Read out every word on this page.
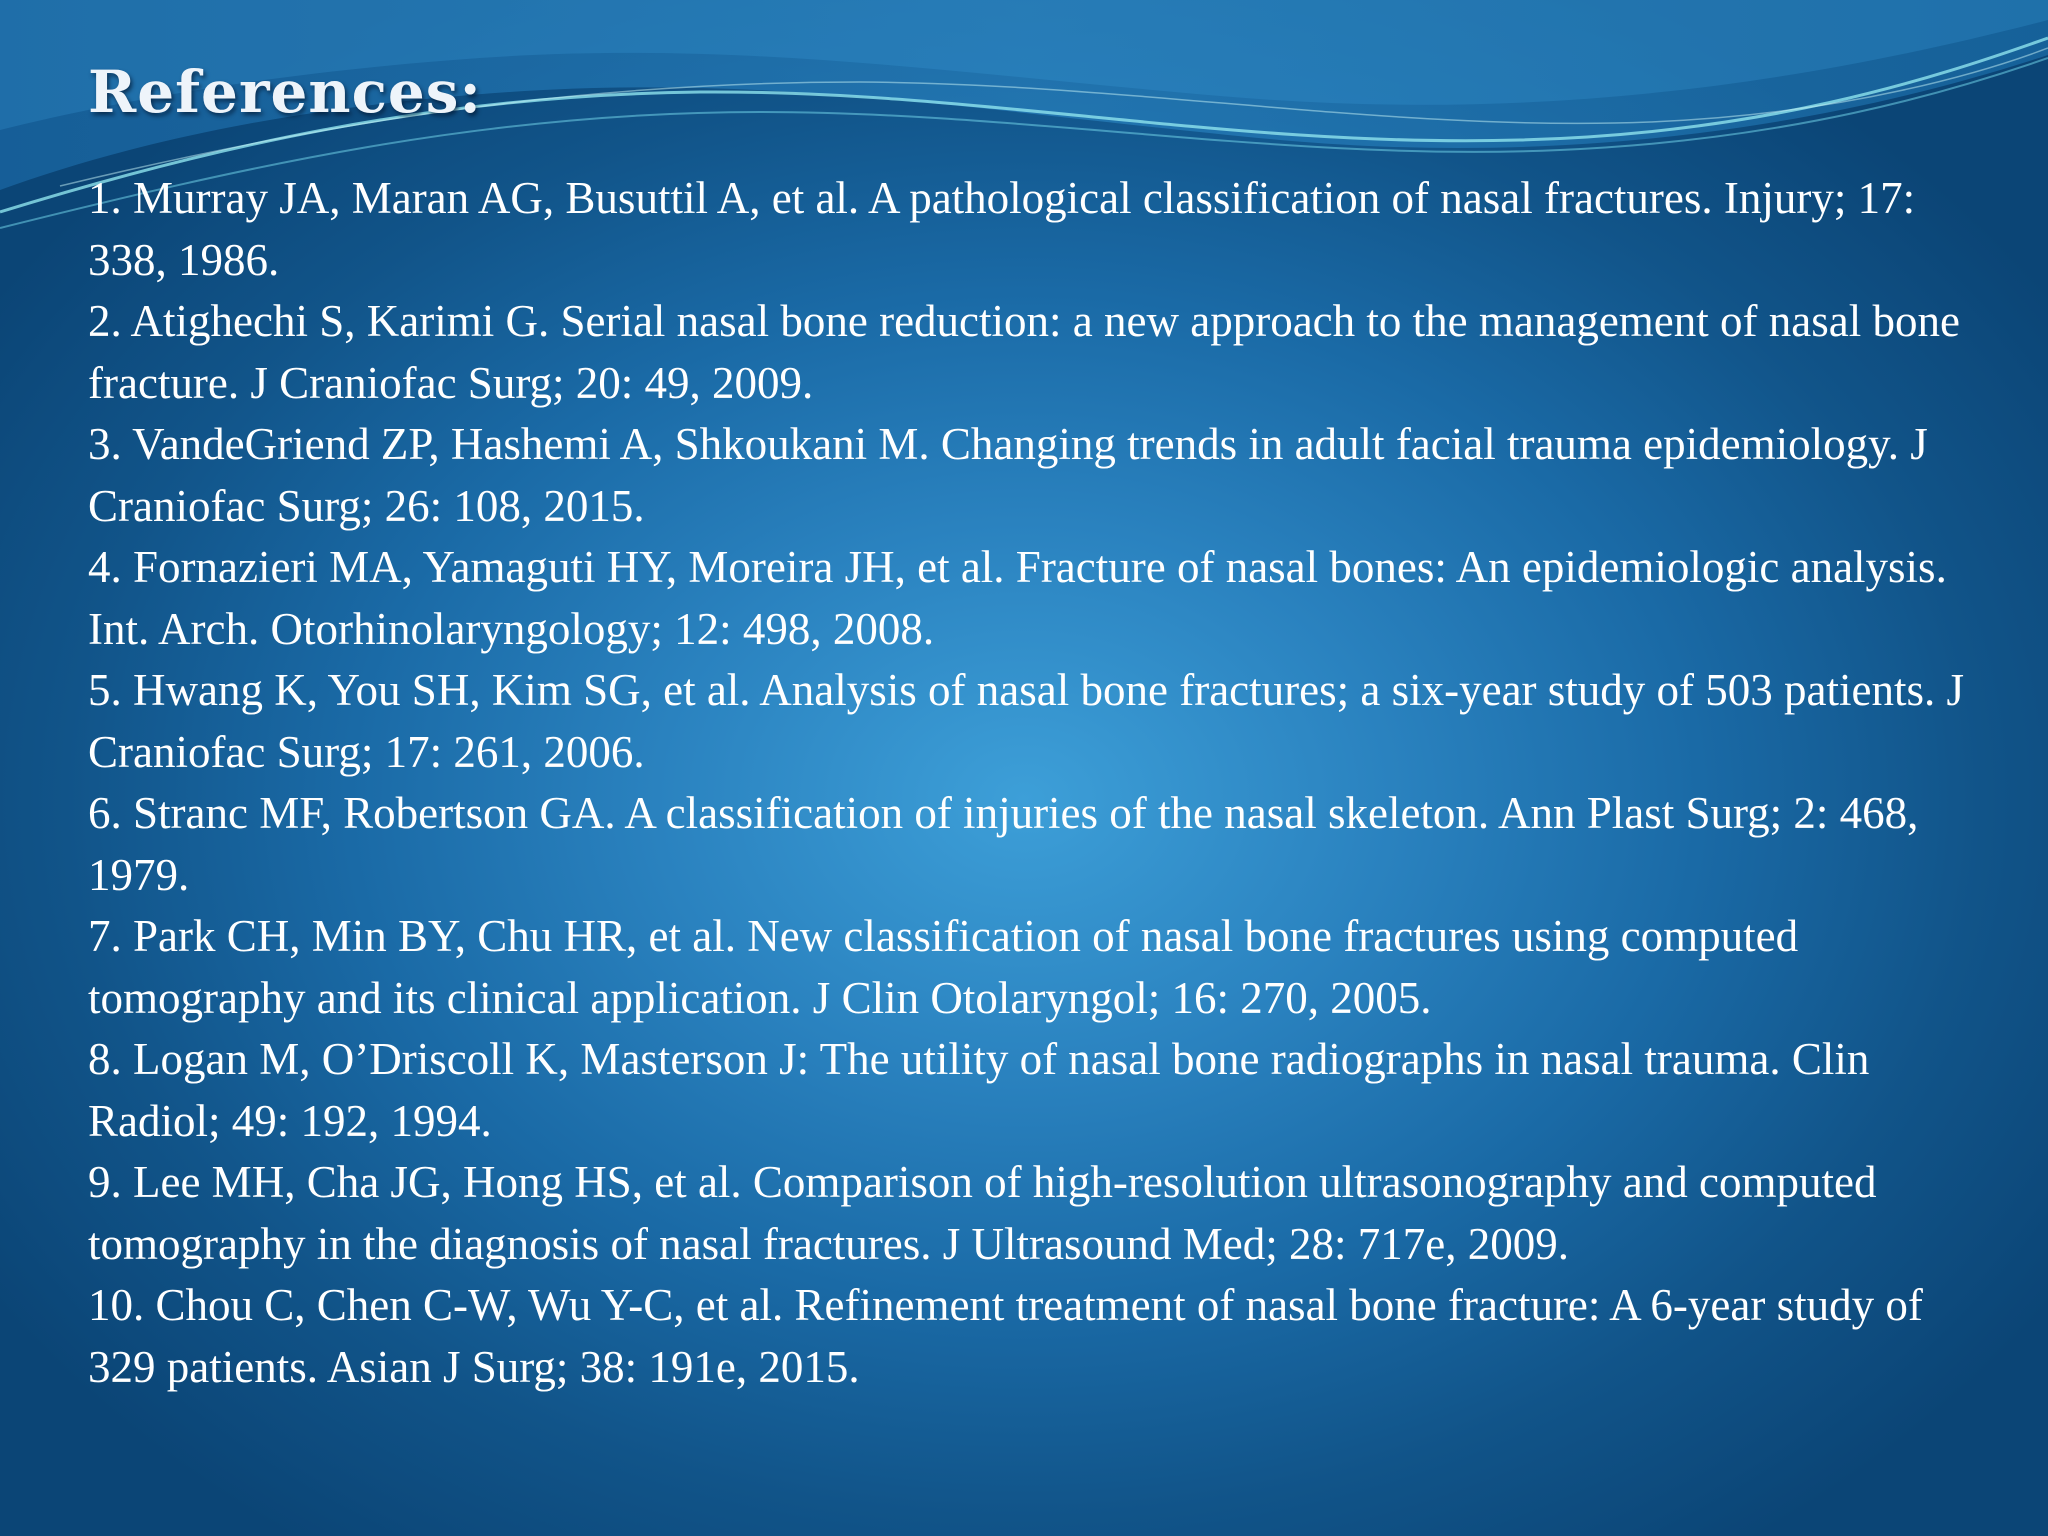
References:
1. Murray JA, Maran AG, Busuttil A, et al. A pathological classification of nasal fractures. Injury; 17: 338, 1986.
2. Atighechi S, Karimi G. Serial nasal bone reduction: a new approach to the management of nasal bone fracture. J Craniofac Surg; 20: 49, 2009.
3. VandeGriend ZP, Hashemi A, Shkoukani M. Changing trends in adult facial trauma epidemiology. J Craniofac Surg; 26: 108, 2015.
4. Fornazieri MA, Yamaguti HY, Moreira JH, et al. Fracture of nasal bones: An epidemiologic analysis. Int. Arch. Otorhinolaryngology; 12: 498, 2008.
5. Hwang K, You SH, Kim SG, et al. Analysis of nasal bone fractures; a six-year study of 503 patients. J Craniofac Surg; 17: 261, 2006.
6. Stranc MF, Robertson GA. A classification of injuries of the nasal skeleton. Ann Plast Surg; 2: 468, 1979.
7. Park CH, Min BY, Chu HR, et al. New classification of nasal bone fractures using computed tomography and its clinical application. J Clin Otolaryngol; 16: 270, 2005.
8. Logan M, O’Driscoll K, Masterson J: The utility of nasal bone radiographs in nasal trauma. Clin Radiol; 49: 192, 1994.
9. Lee MH, Cha JG, Hong HS, et al. Comparison of high-resolution ultrasonography and computed tomography in the diagnosis of nasal fractures. J Ultrasound Med; 28: 717e, 2009.
10. Chou C, Chen C-W, Wu Y-C, et al. Refinement treatment of nasal bone fracture: A 6-year study of 329 patients. Asian J Surg; 38: 191e, 2015.
